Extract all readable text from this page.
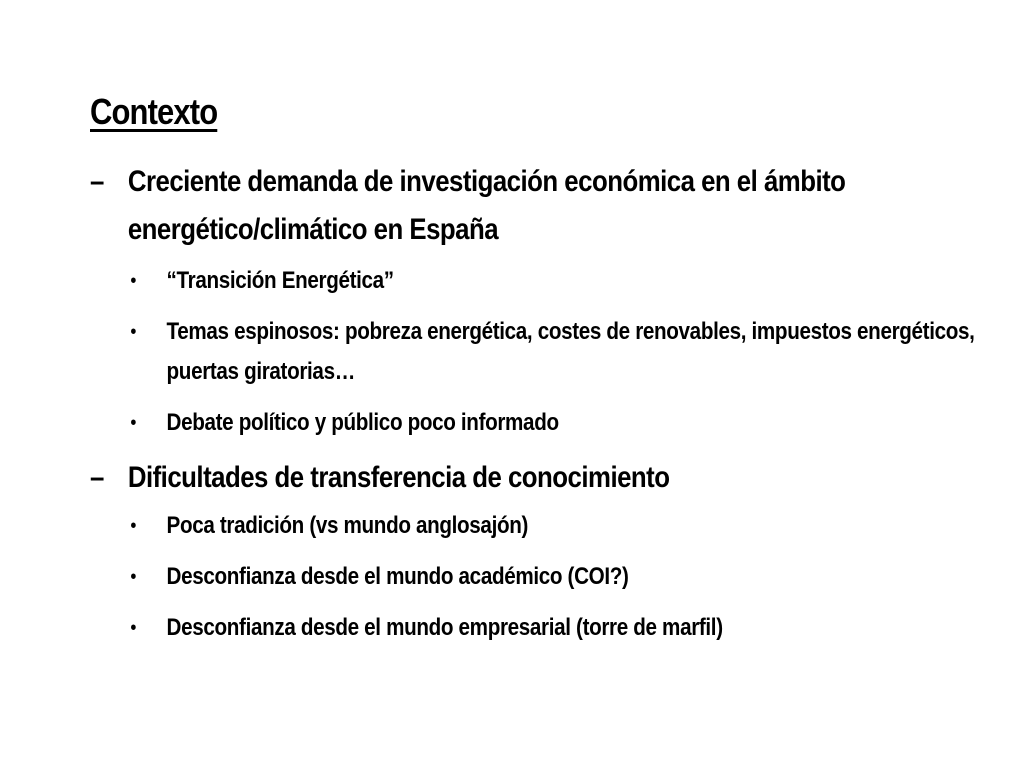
Contexto
– Creciente demanda de investigación económica en el ámbito energético/climático en España
• “Transición Energética”
• Temas espinosos: pobreza energética, costes de renovables, impuestos energéticos, puertas giratorias…
• Debate político y público poco informado
– Dificultades de transferencia de conocimiento
• Poca tradición (vs mundo anglosajón)
• Desconfianza desde el mundo académico (COI?)
• Desconfianza desde el mundo empresarial (torre de marfil)
